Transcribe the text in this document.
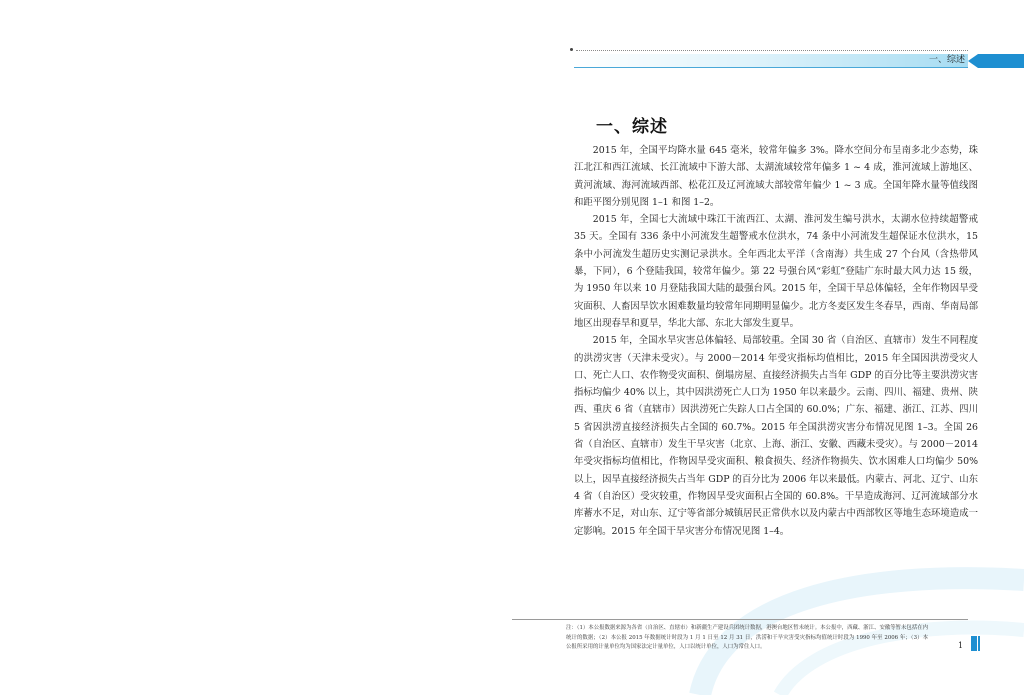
一、综述
一、综述

2015 年，全国平均降水量 645 毫米，较常年偏多 3%。降水空间分布呈南多北少态势，珠江北江和西江流域、长江流域中下游大部、太湖流域较常年偏多 1 ~ 4 成，淮河流域上游地区、黄河流域、海河流域西部、松花江及辽河流域大部较常年偏少 1 ~ 3 成。全国年降水量等值线图和距平图分别见图 1–1 和图 1–2。

2015 年，全国七大流域中珠江干流西江、太湖、淮河发生编号洪水，太湖水位持续超警戒 35 天。全国有 336 条中小河流发生超警戒水位洪水，74 条中小河流发生超保证水位洪水，15 条中小河流发生超历史实测记录洪水。全年西北太平洋（含南海）共生成 27 个台风（含热带风暴，下同），6 个登陆我国，较常年偏少。第 22 号强台风“彩虹”登陆广东时最大风力达 15 级，为 1950 年以来 10 月登陆我国大陆的最强台风。2015 年，全国干旱总体偏轻，全年作物因旱受灾面积、人畜因旱饮水困难数量均较常年同期明显偏少。北方冬麦区发生冬春旱，西南、华南局部地区出现春旱和夏旱，华北大部、东北大部发生夏旱。

2015 年，全国水旱灾害总体偏轻、局部较重。全国 30 省（自治区、直辖市）发生不同程度的洪涝灾害（天津未受灾）。与 2000－2014 年受灾指标均值相比，2015 年全国因洪涝受灾人口、死亡人口、农作物受灾面积、倒塌房屋、直接经济损失占当年 GDP 的百分比等主要洪涝灾害指标均偏少 40% 以上，其中因洪涝死亡人口为 1950 年以来最少。云南、四川、福建、贵州、陕西、重庆 6 省（直辖市）因洪涝死亡失踪人口占全国的 60.0%；广东、福建、浙江、江苏、四川 5 省因洪涝直接经济损失占全国的 60.7%。2015 年全国洪涝灾害分布情况见图 1–3。全国 26 省（自治区、直辖市）发生干旱灾害（北京、上海、浙江、安徽、西藏未受灾）。与 2000－2014 年受灾指标均值相比，作物因旱受灾面积、粮食损失、经济作物损失、饮水困难人口均偏少 50% 以上，因旱直接经济损失占当年 GDP 的百分比为 2006 年以来最低。内蒙古、河北、辽宁、山东 4 省（自治区）受灾较重，作物因旱受灾面积占全国的 60.8%。干旱造成海河、辽河流域部分水库蓄水不足，对山东、辽宁等省部分城镇居民正常供水以及内蒙古中西部牧区等地生态环境造成一定影响。2015 年全国干旱灾害分布情况见图 1–4。

注：（1）本公报数据来源为各省（自治区、直辖市）和新疆生产建设兵团统计数据，港澳台地区暂未统计。本公报中，西藏、浙江、安徽等暂未包括在内统计的数据；（2）本公报 2015 年数据统计时段为 1 月 1 日至 12 月 31 日，洪涝和干旱灾害受灾指标均值统计时段为 1990 年至 2006 年；（3）本公报所采用的计量单位均为国家法定计量单位，人口以统计单位，人口为常住人口。	1
